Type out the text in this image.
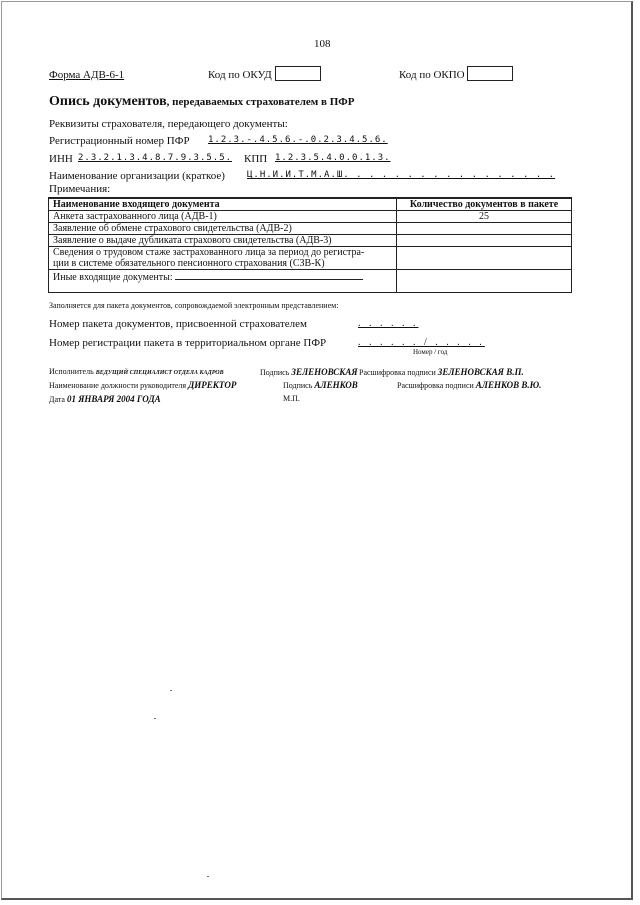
108
Форма АДВ-6-1	Код по ОКУД	Код по ОКПО
Опись документов, передаваемых страхователем в ПФР
Реквизиты страхователя, передающего документы:
Регистрационный номер ПФР 1.2.3.-.4.5.6.-.0.2.3.4.5.6.
ИНН 2.3.2.1.3.4.8.7.9.3.5.5. КПП 1.2.3.5.4.0.0.1.3.
Наименование организации (краткое) Ц.Н.И.И.Т.М.А.Ш. . . . . . . . . . . . . . . . .
Примечания:
Наименование входящего документа	Количество документов в пакете
Анкета застрахованного лица (АДВ-1)	25
Заявление об обмене страхового свидетельства (АДВ-2)	
Заявление о выдаче дубликата страхового свидетельства (АДВ-3)	

Сведения о трудовом стаже застрахованного лица за период до регистра-
ции в системе обязательного пенсионного страхования (СЗВ-К)	

Иные входящие документы:	
Заполняется для пакета документов, сопровождаемой электронным представлением:
Номер пакета документов, присвоенной страхователем	. . . . . .
Номер регистрации пакета в территориальном органе ПФР	. . . . . . / . . . . .
Номер / год
Исполнитель ВЕДУЩИЙ СПЕЦИАЛИСТ ОТДЕЛА КАДРОВ	Подпись ЗЕЛЕНОВСКАЯ Расшифровка подписи ЗЕЛЕНОВСКАЯ В.П.
Наименование должности руководителя ДИРЕКТОР	Подпись АЛЕНКОВ	Расшифровка подписи АЛЕНКОВ В.Ю.
Дата 01 ЯНВАРЯ 2004 ГОДА	М.П.
